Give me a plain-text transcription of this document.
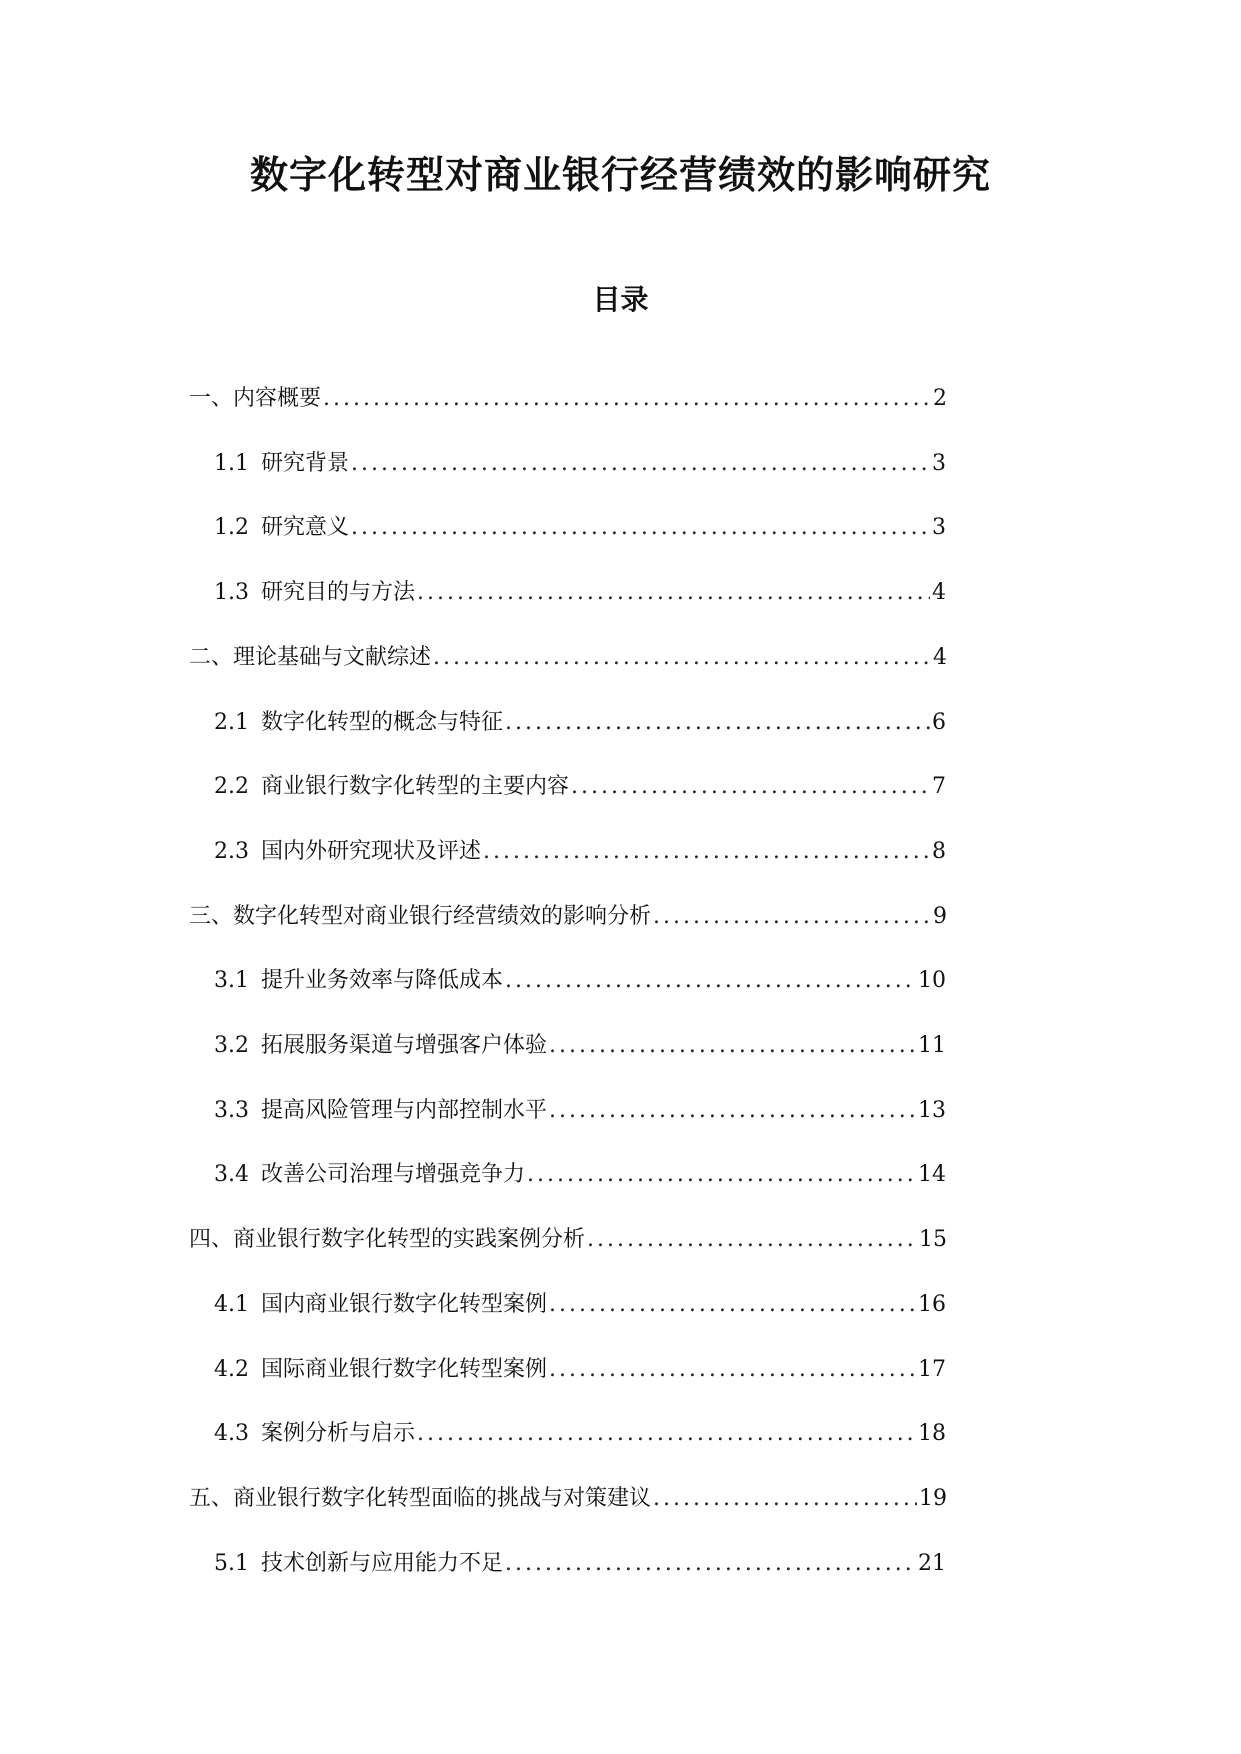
数字化转型对商业银行经营绩效的影响研究
目录
一、内容概要 .....	2
1.1 研究背景 .....	3
1.2 研究意义 .....	3
1.3 研究目的与方法 .....	4
二、理论基础与文献综述 .....	4
2.1 数字化转型的概念与特征 .....	6
2.2 商业银行数字化转型的主要内容 .....	7
2.3 国内外研究现状及评述 .....	8
三、数字化转型对商业银行经营绩效的影响分析 .....	9
3.1 提升业务效率与降低成本 .....	10
3.2 拓展服务渠道与增强客户体验 .....	11
3.3 提高风险管理与内部控制水平 .....	13
3.4 改善公司治理与增强竞争力 .....	14
四、商业银行数字化转型的实践案例分析 .....	15
4.1 国内商业银行数字化转型案例 .....	16
4.2 国际商业银行数字化转型案例 .....	17
4.3 案例分析与启示 .....	18
五、商业银行数字化转型面临的挑战与对策建议 .....	19
5.1 技术创新与应用能力不足 .....	21
